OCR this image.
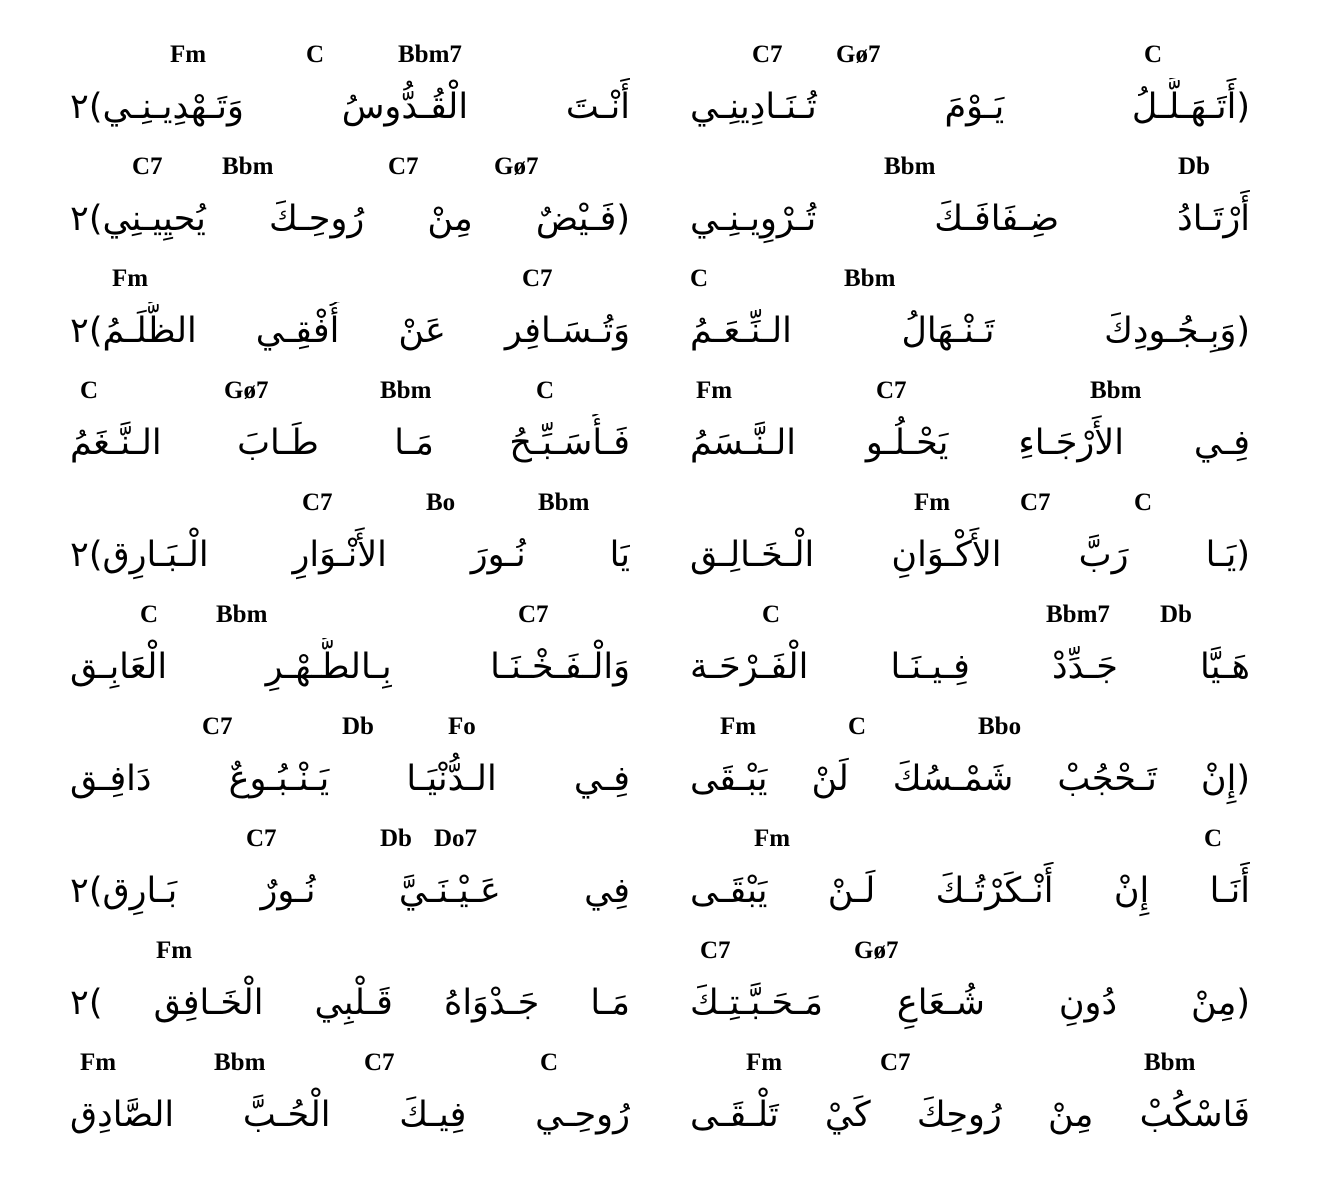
Fm	C	Bbm7
أَنْـتَ الْقُـدُّوسُ وَتَـهْدِيـنِـي)٢
C7 Bbm	C7	Gø7
(فَـيْضٌ مِنْ رُوحِـكَ يُحيِيـنِي)٢
Fm	C7
وَتُـسَـافِر عَنْ أُفْقِـي الظُّلَـمُ)٢
C	Gø7	Bbm	C
فَـأُسَـبِّـحُ مَـا طَـابَ الـنَّـغَمُ
C7	Bo	Bbm
يَا نُـورَ الأَنْـوَارِ الْـبَـارِق)٢
C Bbm	C7
وَالْـفَـخْـنَـا بِـالطُّـهْـرِ الْعَابِـق
C7	Db	Fo
فِـي الـدُّنْيَـا يَـنْـبُـوعٌ دَافِـق
C7	Db Do7
فِي عَـيْـنَـيَّ نُـورٌ بَـارِق)٢
Fm
مَـا جَـدْوَاهُ قَـلْبِي الْخَـافِق )٢
Fm	Bbm	C7	C
رُوحِـي فِيـكَ الْحُـبَّ الصَّادِق
C7 Gø7	C
(أَتَـهَـلَّـلُ يَـوْمَ تُـنَـادِينِـي
Bbm	Db
أَرْتَـادُ ضِـفَافَـكَ تُـرْوِيـنِـي
C	Bbm
(وَبِـجُـودِكَ تَـنْـهَالُ الـنِّـعَـمُ
Fm	C7	Bbm
فِـي الأَرْجَـاءِ يَحْـلُـو الـنَّـسَمُ
Fm	C7	C
(يَـا رَبَّ الأَكْـوَانِ الْـخَـالِـق
C	Bbm7 Db
هَـيَّا جَـدِّدْ فِـيـنَـا الْفَـرْحَـة
Fm	C	Bbo
(إِنْ تَـحْجُبْ شَمْـسُكَ لَنْ يَبْـقَى
Fm	C
أَنَـا إِنْ أَنْـكَرْتُـكَ لَـنْ يَبْقَـى
C7	Gø7
(مِنْ دُونِ شُـعَاعِ مَـحَـبَّـتِـكَ
Fm	C7	Bbm
فَاسْكُبْ مِنْ رُوحِكَ كَيْ تَلْـقَـى
